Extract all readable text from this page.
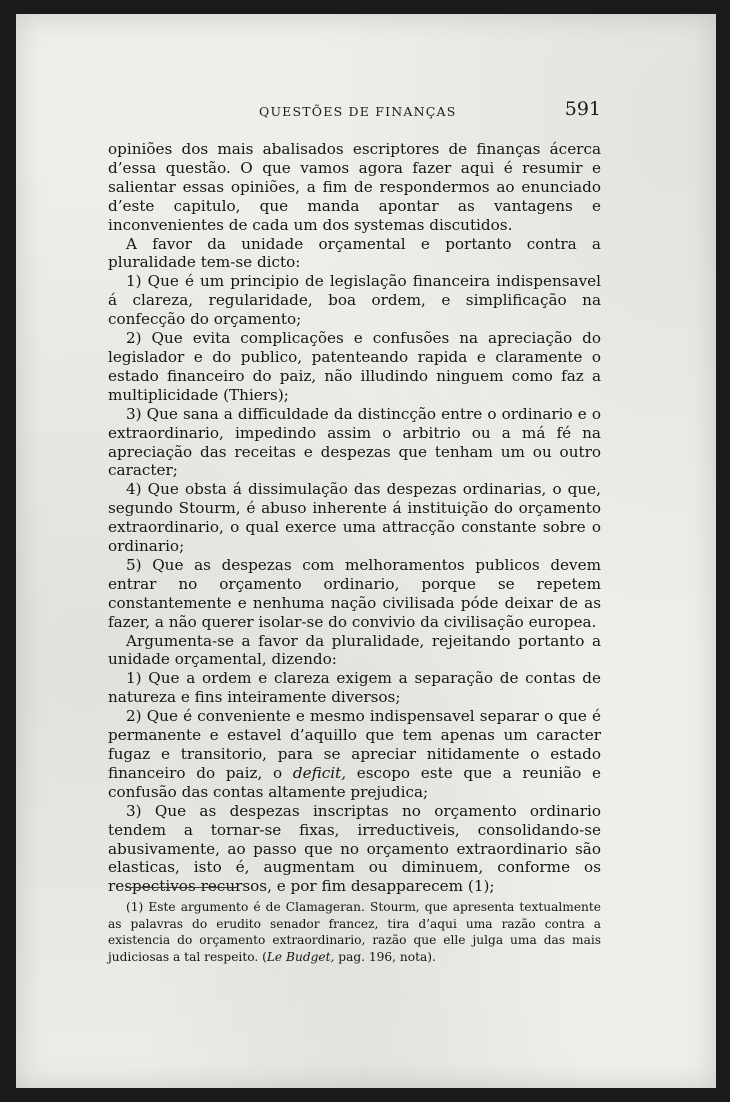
QUESTÕES DE FINANÇAS	591

opiniões dos mais abalisados escriptores de finanças ácerca d’essa questão. O que vamos agora fazer aqui é resumir e salientar essas opiniões, a fim de respondermos ao enunciado d’este capitulo, que manda apontar as vantagens e inconvenientes de cada um dos systemas discutidos.

A favor da unidade orçamental e portanto contra a pluralidade tem-se dicto:

1) Que é um principio de legislação financeira indispensavel á clareza, regularidade, boa ordem, e simplificação na confecção do orçamento;

2) Que evita complicações e confusões na apreciação do legislador e do publico, patenteando rapida e claramente o estado financeiro do paiz, não illudindo ninguem como faz a multiplicidade (Thiers);

3) Que sana a difficuldade da distincção entre o ordinario e o extraordinario, impedindo assim o arbitrio ou a má fé na apreciação das receitas e despezas que tenham um ou outro caracter;

4) Que obsta á dissimulação das despezas ordinarias, o que, segundo Stourm, é abuso inherente á instituição do orçamento extraordinario, o qual exerce uma attracção constante sobre o ordinario;

5) Que as despezas com melhoramentos publicos devem entrar no orçamento ordinario, porque se repetem constantemente e nenhuma nação civilisada póde deixar de as fazer, a não querer isolar-se do convivio da civilisação europea.

Argumenta-se a favor da pluralidade, rejeitando portanto a unidade orçamental, dizendo:

1) Que a ordem e clareza exigem a separação de contas de natureza e fins inteiramente diversos;

2) Que é conveniente e mesmo indispensavel separar o que é permanente e estavel d’aquillo que tem apenas um caracter fugaz e transitorio, para se apreciar nitidamente o estado financeiro do paiz, o deficit, escopo este que a reunião e confusão das contas altamente prejudica;

3) Que as despezas inscriptas no orçamento ordinario tendem a tornar-se fixas, irreductiveis, consolidando-se abusivamente, ao passo que no orçamento extraordinario são elasticas, isto é, augmentam ou diminuem, conforme os respectivos recursos, e por fim desapparecem (1);

(1) Este argumento é de Clamageran. Stourm, que apresenta textualmente as palavras do erudito senador francez, tira d’aqui uma razão contra a existencia do orçamento extraordinario, razão que elle julga uma das mais judiciosas a tal respeito. (Le Budget, pag. 196, nota).
